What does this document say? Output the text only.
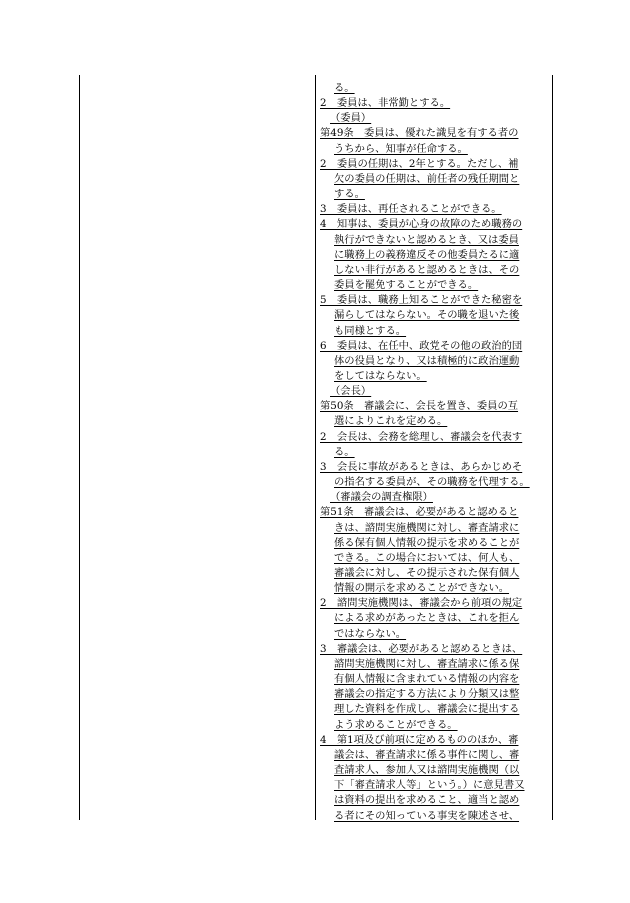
る。
2　委員は、非常勤とする。
（委員）
第49条　委員は、優れた識見を有する者の
うちから、知事が任命する。
2　委員の任期は、2年とする。ただし、補
欠の委員の任期は、前任者の残任期間と
する。
3　委員は、再任されることができる。
4　知事は、委員が心身の故障のため職務の
執行ができないと認めるとき、又は委員
に職務上の義務違反その他委員たるに適
しない非行があると認めるときは、その
委員を罷免することができる。
5　委員は、職務上知ることができた秘密を
漏らしてはならない。その職を退いた後
も同様とする。
6　委員は、在任中、政党その他の政治的団
体の役員となり、又は積極的に政治運動
をしてはならない。
（会長）
第50条　審議会に、会長を置き、委員の互
選によりこれを定める。
2　会長は、会務を総理し、審議会を代表す
る。
3　会長に事故があるときは、あらかじめそ
の指名する委員が、その職務を代理する。
（審議会の調査権限）
第51条　審議会は、必要があると認めると
きは、諮問実施機関に対し、審査請求に
係る保有個人情報の提示を求めることが
できる。この場合においては、何人も、
審議会に対し、その提示された保有個人
情報の開示を求めることができない。
2　諮問実施機関は、審議会から前項の規定
による求めがあったときは、これを拒ん
ではならない。
3　審議会は、必要があると認めるときは、
諮問実施機関に対し、審査請求に係る保
有個人情報に含まれている情報の内容を
審議会の指定する方法により分類又は整
理した資料を作成し、審議会に提出する
よう求めることができる。
4　第1項及び前項に定めるもののほか、審
議会は、審査請求に係る事件に関し、審
査請求人、参加人又は諮問実施機関（以
下「審査請求人等」という。）に意見書又
は資料の提出を求めること、適当と認め
る者にその知っている事実を陳述させ、
